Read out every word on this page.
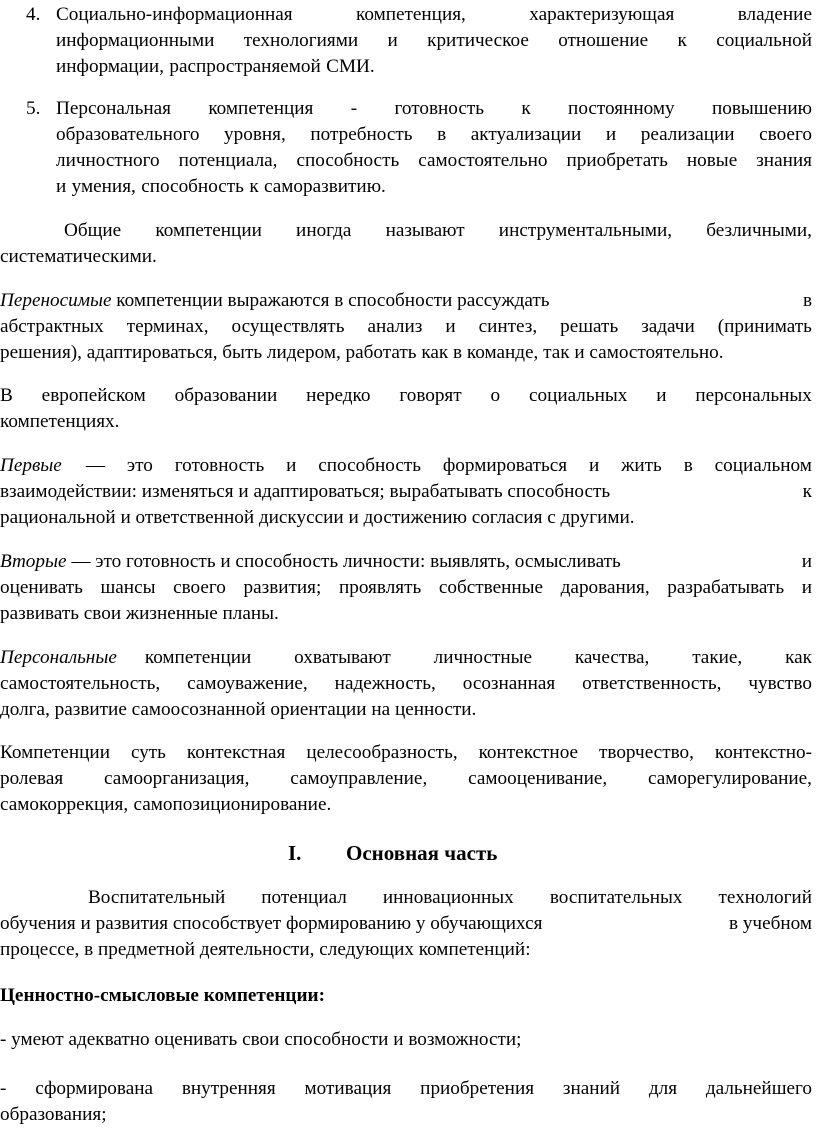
4. Социально-информационная	компетенция,	характеризующая	владение
информационными технологиями и критическое отношение к социальной
информации, распространяемой СМИ.
5. Персональная компетенция - готовность к постоянному повышению
образовательного уровня, потребность в актуализации и реализации своего
личностного потенциала, способность самостоятельно приобретать новые знания
и умения, способность к саморазвитию.
Общие компетенции иногда называют инструментальными, безличными,
систематическими.
Переносимые компетенции выражаются в способности рассуждать	в
абстрактных терминах, осуществлять анализ и синтез, решать задачи (принимать
решения), адаптироваться, быть лидером, работать как в команде, так и самостоятельно.
В европейском образовании нередко говорят о социальных и персональных
компетенциях.
Первые — это готовность и способность формироваться и жить в социальном
взаимодействии: изменяться и адаптироваться; вырабатывать способность	к
рациональной и ответственной дискуссии и достижению согласия с другими.
Вторые — это готовность и способность личности: выявлять, осмысливать	и
оценивать шансы своего развития; проявлять собственные дарования, разрабатывать и
развивать свои жизненные планы.
Персональные компетенции охватывают личностные качества, такие, как
самостоятельность, самоуважение, надежность, осознанная ответственность, чувство
долга, развитие самоосознанной ориентации на ценности.
Компетенции суть контекстная целесообразность, контекстное творчество, контекстно-
ролевая самоорганизация, самоуправление, самооценивание, саморегулирование,
самокоррекция, самопозиционирование.
I. Основная часть
Воспитательный потенциал инновационных воспитательных технологий
обучения и развития способствует формированию у обучающихся	в учебном
процессе, в предметной деятельности, следующих компетенций:
Ценностно-смысловые компетенции:
- умеют адекватно оценивать свои способности и возможности;
- сформирована внутренняя мотивация приобретения знаний для дальнейшего
образования;
